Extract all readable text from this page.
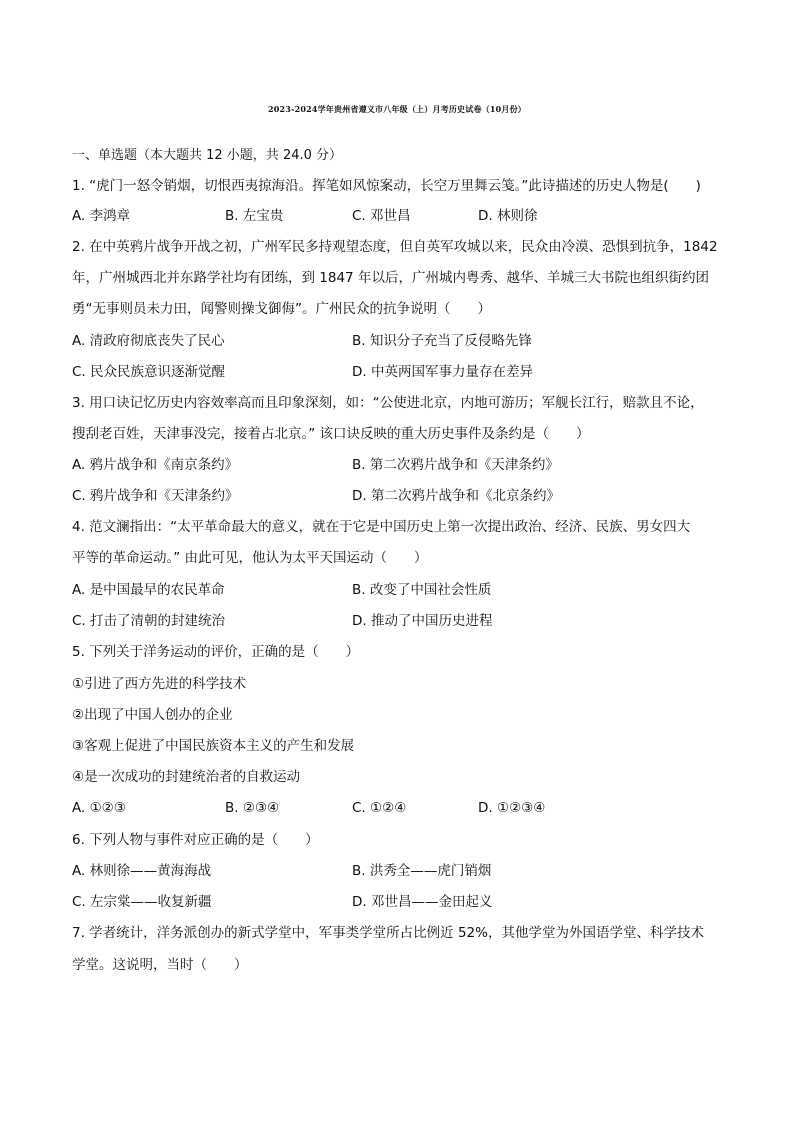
2023-2024学年贵州省遵义市八年级（上）月考历史试卷（10月份）
一、单选题（本大题共 12 小题，共 24.0 分）
1. “虎门一怒令销烟，切恨西夷掠海沿。挥笔如风惊案动，长空万里舞云笺。”此诗描述的历史人物是(　　)
A. 李鸿章	B. 左宝贵	C. 邓世昌	D. 林则徐
2. 在中英鸦片战争开战之初，广州军民多持观望态度，但自英军攻城以来，民众由冷漠、恐惧到抗争，1842
年，广州城西北并东路学社均有团练，到 1847 年以后，广州城内粤秀、越华、羊城三大书院也组织街约团
勇“无事则员未力田，闻警则操戈御侮”。广州民众的抗争说明（　　）
A. 清政府彻底丧失了民心	B. 知识分子充当了反侵略先锋
C. 民众民族意识逐渐觉醒	D. 中英两国军事力量存在差异
3. 用口诀记忆历史内容效率高而且印象深刻，如：“公使进北京，内地可游历；军舰长江行，赔款且不论，
搜刮老百姓，天津事没完，接着占北京。” 该口诀反映的重大历史事件及条约是（　　）
A. 鸦片战争和《南京条约》	B. 第二次鸦片战争和《天津条约》
C. 鸦片战争和《天津条约》	D. 第二次鸦片战争和《北京条约》
4. 范文澜指出：“太平革命最大的意义，就在于它是中国历史上第一次提出政治、经济、民族、男女四大
平等的革命运动。” 由此可见，他认为太平天国运动（　　）
A. 是中国最早的农民革命	B. 改变了中国社会性质
C. 打击了清朝的封建统治	D. 推动了中国历史进程
5. 下列关于洋务运动的评价，正确的是（　　）
①引进了西方先进的科学技术
②出现了中国人创办的企业
③客观上促进了中国民族资本主义的产生和发展
④是一次成功的封建统治者的自救运动
A. ①②③	B. ②③④	C. ①②④	D. ①②③④
6. 下列人物与事件对应正确的是（　　）
A. 林则徐——黄海海战	B. 洪秀全——虎门销烟
C. 左宗棠——收复新疆	D. 邓世昌——金田起义
7. 学者统计，洋务派创办的新式学堂中，军事类学堂所占比例近 52%，其他学堂为外国语学堂、科学技术
学堂。这说明，当时（　　）
